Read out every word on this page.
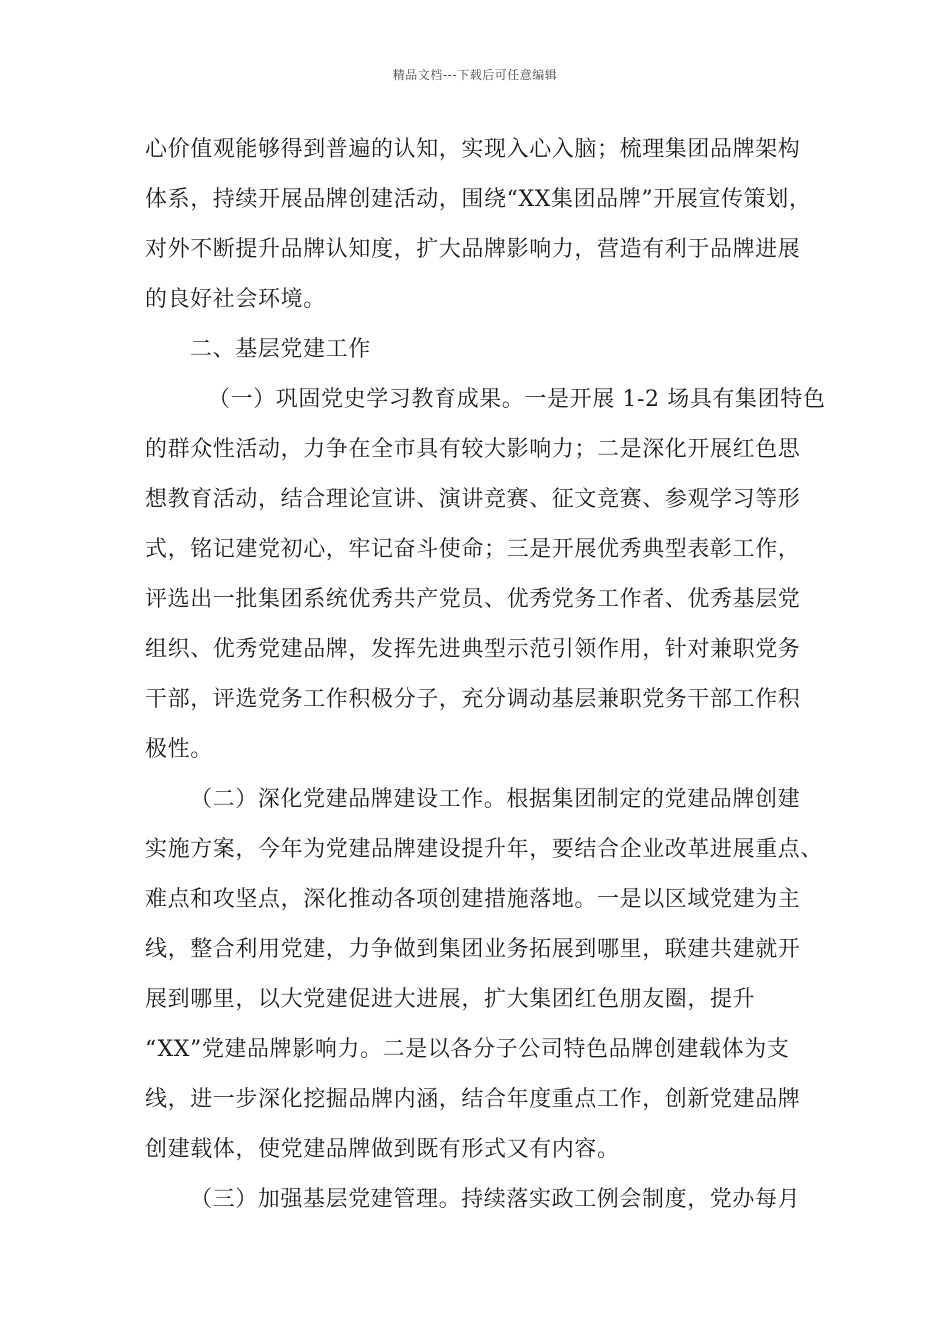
精品文档---下载后可任意编辑
心价值观能够得到普遍的认知，实现入心入脑；梳理集团品牌架构
体系，持续开展品牌创建活动，围绕“XX集团品牌”开展宣传策划，
对外不断提升品牌认知度，扩大品牌影响力，营造有利于品牌进展
的良好社会环境。
二、基层党建工作
（一）巩固党史学习教育成果。一是开展 1-2 场具有集团特色
的群众性活动，力争在全市具有较大影响力；二是深化开展红色思
想教育活动，结合理论宣讲、演讲竞赛、征文竞赛、参观学习等形
式，铭记建党初心，牢记奋斗使命；三是开展优秀典型表彰工作，
评选出一批集团系统优秀共产党员、优秀党务工作者、优秀基层党
组织、优秀党建品牌，发挥先进典型示范引领作用，针对兼职党务
干部，评选党务工作积极分子，充分调动基层兼职党务干部工作积
极性。
（二）深化党建品牌建设工作。根据集团制定的党建品牌创建
实施方案，今年为党建品牌建设提升年，要结合企业改革进展重点、
难点和攻坚点，深化推动各项创建措施落地。一是以区域党建为主
线，整合利用党建，力争做到集团业务拓展到哪里，联建共建就开
展到哪里，以大党建促进大进展，扩大集团红色朋友圈，提升
“XX”党建品牌影响力。二是以各分子公司特色品牌创建载体为支
线，进一步深化挖掘品牌内涵，结合年度重点工作，创新党建品牌
创建载体，使党建品牌做到既有形式又有内容。
（三）加强基层党建管理。持续落实政工例会制度，党办每月
